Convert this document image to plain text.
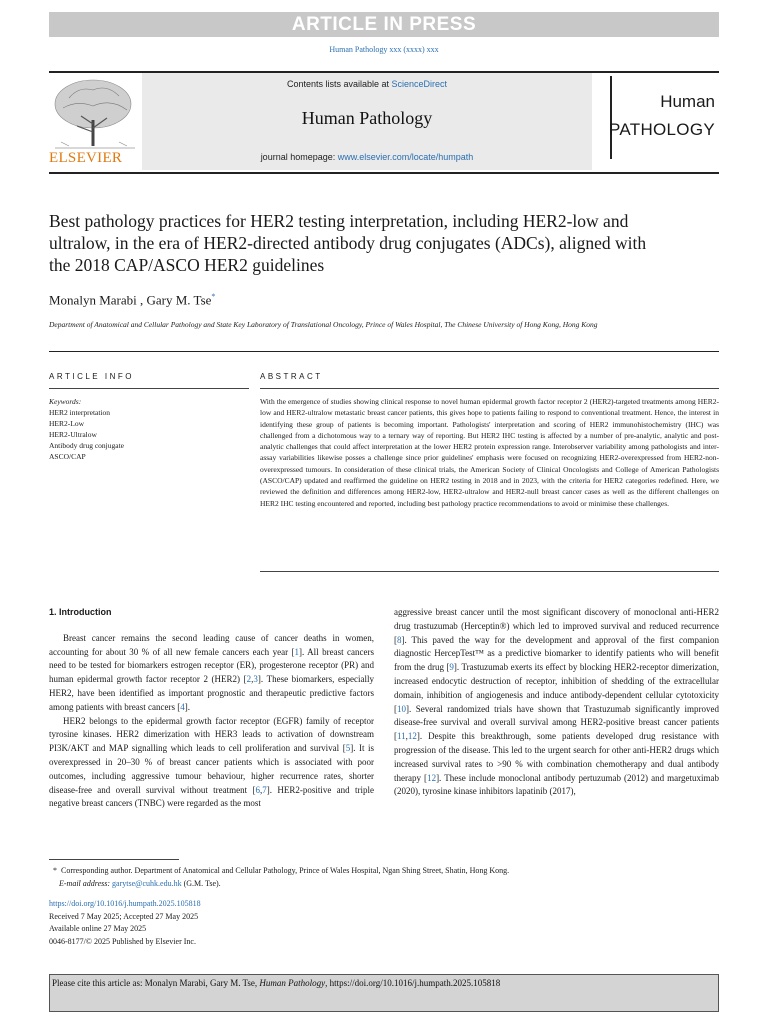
ARTICLE IN PRESS
Human Pathology xxx (xxxx) xxx
ELSEVIER
Contents lists available at ScienceDirect
Human Pathology
journal homepage: www.elsevier.com/locate/humpath
Human
PATHOLOGY
Best pathology practices for HER2 testing interpretation, including HER2-low and ultralow, in the era of HER2-directed antibody drug conjugates (ADCs), aligned with the 2018 CAP/ASCO HER2 guidelines
Monalyn Marabi , Gary M. Tse*
Department of Anatomical and Cellular Pathology and State Key Laboratory of Translational Oncology, Prince of Wales Hospital, The Chinese University of Hong Kong, Hong Kong
ARTICLE INFO	ABSTRACT
Keywords:
HER2 interpretation
HER2-Low
HER2-Ultralow
Antibody drug conjugate
ASCO/CAP
With the emergence of studies showing clinical response to novel human epidermal growth factor receptor 2 (HER2)-targeted treatments among HER2-low and HER2-ultralow metastatic breast cancer patients, this gives hope to patients failing to respond to conventional treatment. Hence, the interest in identifying these group of patients is becoming important. Pathologists' interpretation and scoring of HER2 immunohistochemistry (IHC) was challenged from a dichotomous way to a ternary way of reporting. But HER2 IHC testing is affected by a number of pre-analytic, analytic and post-analytic challenges that could affect interpretation at the lower HER2 protein expression range. Interobserver variability among pathologists and inter-assay variabilities likewise posses a challenge since prior guidelines' emphasis were focused on recognizing HER2-overexpressed from HER2-non-overexpressed tumours. In consideration of these clinical trials, the American Society of Clinical Oncologists and College of American Pathologists (ASCO/CAP) updated and reaffirmed the guideline on HER2 testing in 2018 and in 2023, with the criteria for HER2 categories redefined. Here, we reviewed the definition and differences among HER2-low, HER2-ultralow and HER2-null breast cancer cases as well as the different challenges on HER2 IHC testing encountered and reported, including best pathology practice recommendations to avoid or minimise these challenges.
1. Introduction

Breast cancer remains the second leading cause of cancer deaths in women, accounting for about 30 % of all new female cancers each year [1]. All breast cancers need to be tested for biomarkers estrogen receptor (ER), progesterone receptor (PR) and human epidermal growth factor receptor 2 (HER2) [2,3]. These biomarkers, especially HER2, have been identified as important prognostic and therapeutic predictive factors among patients with breast cancers [4].

HER2 belongs to the epidermal growth factor receptor (EGFR) family of receptor tyrosine kinases. HER2 dimerization with HER3 leads to activation of downstream PI3K/AKT and MAP signalling which leads to cell proliferation and survival [5]. It is overexpressed in 20–30 % of breast cancer patients which is associated with poor outcomes, including aggressive tumour behaviour, higher recurrence rates, shorter disease-free and overall survival without treatment [6,7]. HER2-positive and triple negative breast cancers (TNBC) were regarded as the most

aggressive breast cancer until the most significant discovery of monoclonal anti-HER2 drug trastuzumab (Herceptin®) which led to improved survival and reduced recurrence [8]. This paved the way for the development and approval of the first companion diagnostic HercepTest™ as a predictive biomarker to identify patients who will benefit from the drug [9]. Trastuzumab exerts its effect by blocking HER2-receptor dimerization, increased endocytic destruction of receptor, inhibition of shedding of the extracellular domain, inhibition of angiogenesis and induce antibody-dependent cellular cytotoxicity [10]. Several randomized trials have shown that Trastuzumab significantly improved disease-free survival and overall survival among HER2-positive breast cancer patients [11,12]. Despite this breakthrough, some patients developed drug resistance with progression of the disease. This led to the urgent search for other anti-HER2 drugs which increased survival rates to >90 % with combination chemotherapy and dual antibody therapy [12]. These include monoclonal antibody pertuzumab (2012) and margetuximab (2020), tyrosine kinase inhibitors lapatinib (2017),

* Corresponding author. Department of Anatomical and Cellular Pathology, Prince of Wales Hospital, Ngan Shing Street, Shatin, Hong Kong.
E-mail address: garytse@cuhk.edu.hk (G.M. Tse).
https://doi.org/10.1016/j.humpath.2025.105818
Received 7 May 2025; Accepted 27 May 2025
Available online 27 May 2025
0046-8177/© 2025 Published by Elsevier Inc.
Please cite this article as: Monalyn Marabi, Gary M. Tse, Human Pathology, https://doi.org/10.1016/j.humpath.2025.105818
